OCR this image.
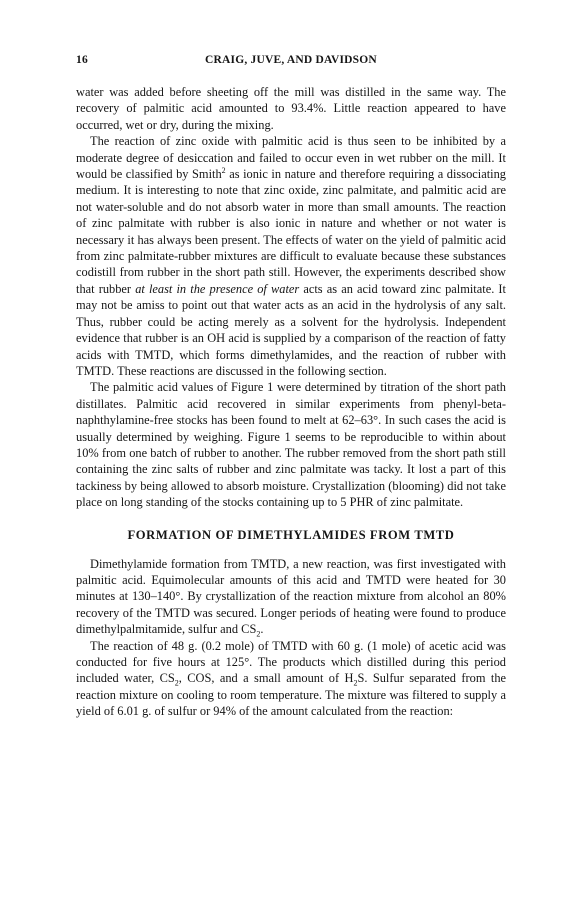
16	CRAIG, JUVE, AND DAVIDSON

water was added before sheeting off the mill was distilled in the same way. The recovery of palmitic acid amounted to 93.4%. Little reaction appeared to have occurred, wet or dry, during the mixing.

The reaction of zinc oxide with palmitic acid is thus seen to be inhibited by a moderate degree of desiccation and failed to occur even in wet rubber on the mill. It would be classified by Smith$^2$ as ionic in nature and therefore requiring a dissociating medium. It is interesting to note that zinc oxide, zinc palmitate, and palmitic acid are not water-soluble and do not absorb water in more than small amounts. The reaction of zinc palmitate with rubber is also ionic in nature and whether or not water is necessary it has always been present. The effects of water on the yield of palmitic acid from zinc palmitate-rubber mixtures are difficult to evaluate because these substances codistill from rubber in the short path still. However, the experiments described show that rubber at least in the presence of water acts as an acid toward zinc palmitate. It may not be amiss to point out that water acts as an acid in the hydrolysis of any salt. Thus, rubber could be acting merely as a solvent for the hydrolysis. Independent evidence that rubber is an OH acid is supplied by a comparison of the reaction of fatty acids with TMTD, which forms dimethylamides, and the reaction of rubber with TMTD. These reactions are discussed in the following section.

The palmitic acid values of Figure 1 were determined by titration of the short path distillates. Palmitic acid recovered in similar experiments from phenyl-beta-naphthylamine-free stocks has been found to melt at 62–63°. In such cases the acid is usually determined by weighing. Figure 1 seems to be reproducible to within about 10% from one batch of rubber to another. The rubber removed from the short path still containing the zinc salts of rubber and zinc palmitate was tacky. It lost a part of this tackiness by being allowed to absorb moisture. Crystallization (blooming) did not take place on long standing of the stocks containing up to 5 PHR of zinc palmitate.

FORMATION OF DIMETHYLAMIDES FROM TMTD

Dimethylamide formation from TMTD, a new reaction, was first investigated with palmitic acid. Equimolecular amounts of this acid and TMTD were heated for 30 minutes at 130–140°. By crystallization of the reaction mixture from alcohol an 80% recovery of the TMTD was secured. Longer periods of heating were found to produce dimethylpalmitamide, sulfur and $CS_2$.

The reaction of 48 g. (0.2 mole) of TMTD with 60 g. (1 mole) of acetic acid was conducted for five hours at 125°. The products which distilled during this period included water, $CS_2$, COS, and a small amount of $H_2S$. Sulfur separated from the reaction mixture on cooling to room temperature. The mixture was filtered to supply a yield of 6.01 g. of sulfur or 94% of the amount calculated from the reaction:
